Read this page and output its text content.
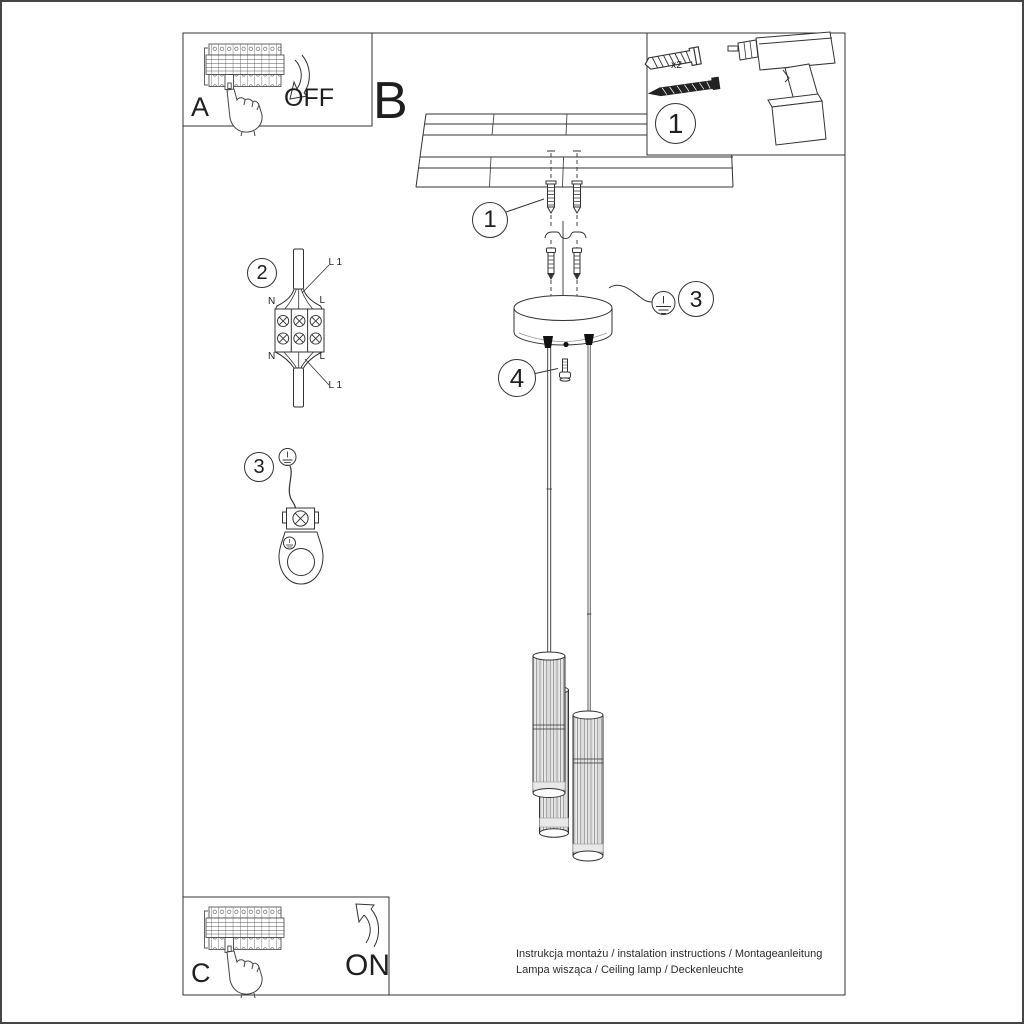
A	OFF B
C	ON
x2
1
1
2
3
3
4
N	L
N	L
L 1
L 1
Instrukcja montażu / instalation instructions / Montageanleitung
Lampa wisząca / Ceiling lamp / Deckenleuchte
